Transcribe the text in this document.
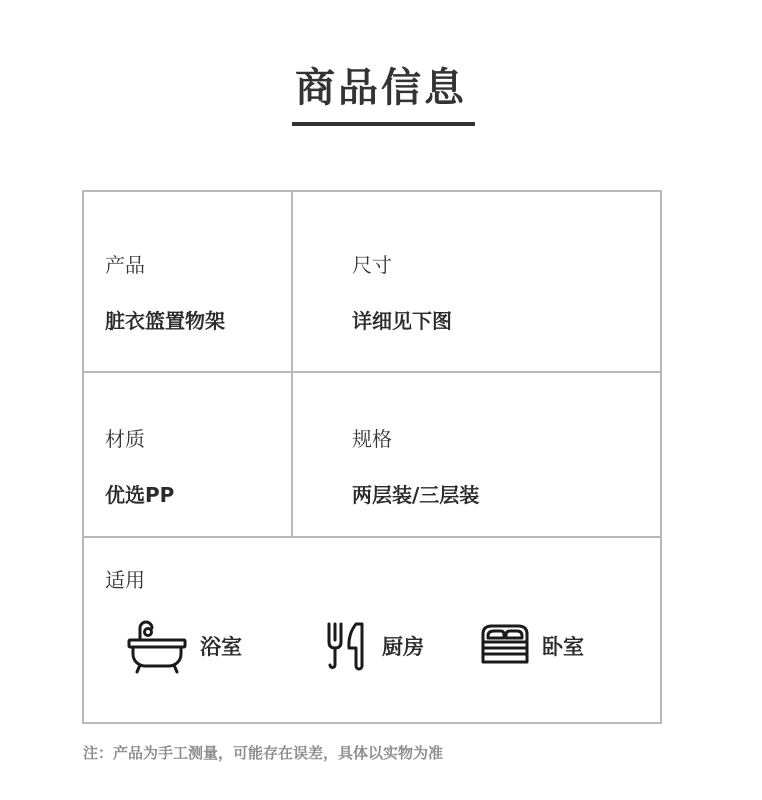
商品信息
产品
脏衣篮置物架
尺寸
详细见下图
材质
优选PP
规格
两层装/三层装
适用
浴室	厨房	卧室
注：产品为手工测量，可能存在误差，具体以实物为准
